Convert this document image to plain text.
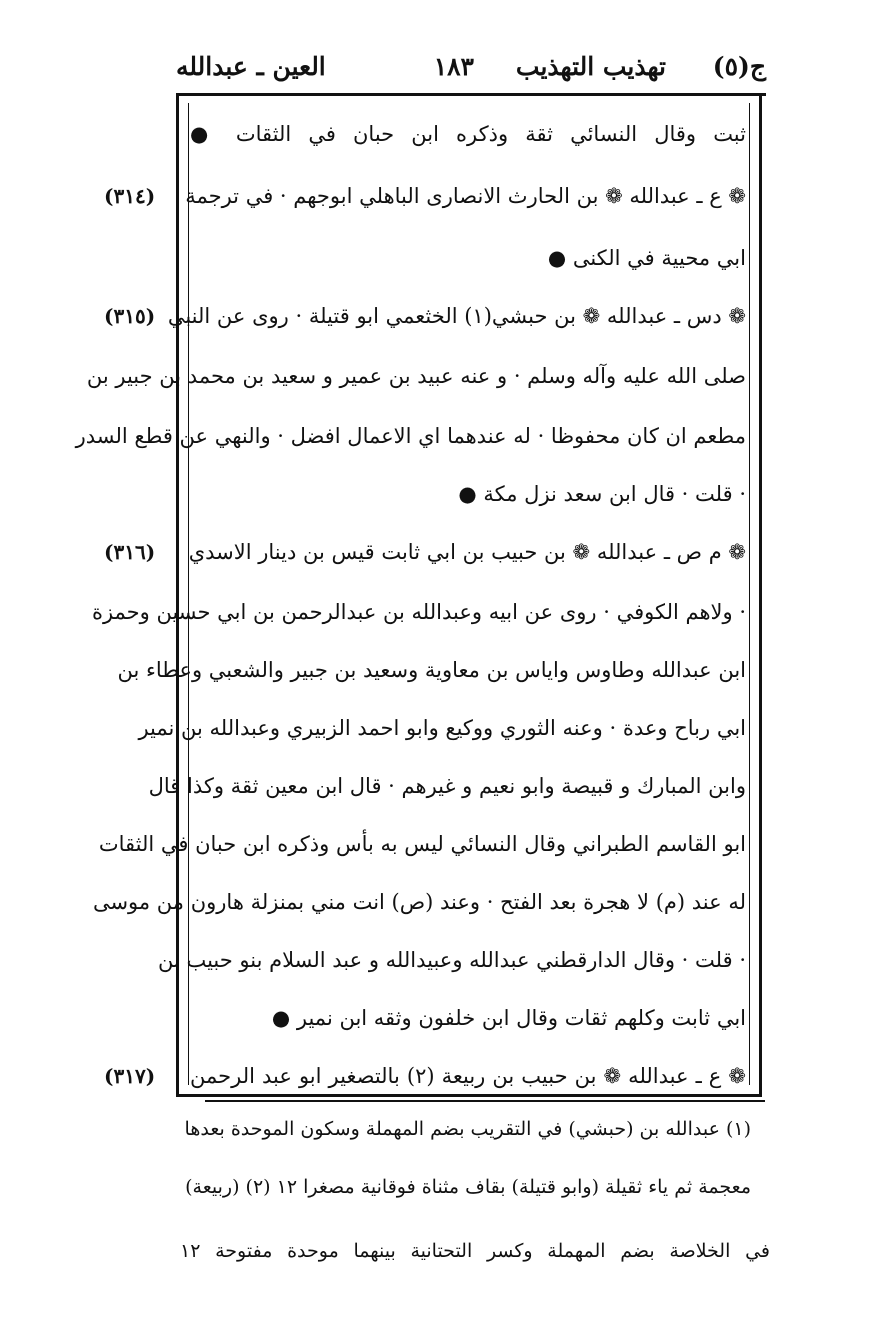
ج(٥)
تهذيب التهذيب
١٨٣
العين ـ عبدالله
ثبت وقال النسائي ثقة وذكره ابن حبان في الثقات ●
❁ ع ـ عبدالله ❁ بن الحارث الانصارى الباهلي ابوجهم · في ترجمة
ابي محيية في الكنى ●
❁ دس ـ عبدالله ❁ بن حبشي(١) الخثعمي ابو قتيلة · روى عن النبي
صلى الله عليه وآله وسلم · و عنه عبيد بن عمير و سعيد بن محمد بن جبير بن
مطعم ان كان محفوظا · له عندهما اي الاعمال افضل · والنهي عن قطع السدر
· قلت · قال ابن سعد نزل مكة ●
❁ م ص ـ عبدالله ❁ بن حبيب بن ابي ثابت قيس بن دينار الاسدي
· ولاهم الكوفي · روى عن ابيه وعبدالله بن عبدالرحمن بن ابي حسين وحمزة
ابن عبدالله وطاوس واياس بن معاوية وسعيد بن جبير والشعبي وعطاء بن
ابي رباح وعدة · وعنه الثوري ووكيع وابو احمد الزبيري وعبدالله بن نمير
وابن المبارك و قبيصة وابو نعيم و غيرهم · قال ابن معين ثقة وكذا قال
ابو القاسم الطبراني وقال النسائي ليس به بأس وذكره ابن حبان في الثقات
له عند (م) لا هجرة بعد الفتح · وعند (ص) انت مني بمنزلة هارون من موسى
· قلت · وقال الدارقطني عبدالله وعبيدالله و عبد السلام بنو حبيب بن
ابي ثابت وكلهم ثقات وقال ابن خلفون وثقه ابن نمير ●
❁ ع ـ عبدالله ❁ بن حبيب بن ربيعة (٢) بالتصغير ابو عبد الرحمن
(٣١٤)
(٣١٥)
(٣١٦)
(٣١٧)
(١) عبدالله بن (حبشي) في التقريب بضم المهملة وسكون الموحدة بعدها
معجمة ثم ياء ثقيلة (وابو قتيلة) بقاف مثناة فوقانية مصغرا ١٢ (٢) (ربيعة)
في الخلاصة بضم المهملة وكسر التحتانية بينهما موحدة مفتوحة ١٢
